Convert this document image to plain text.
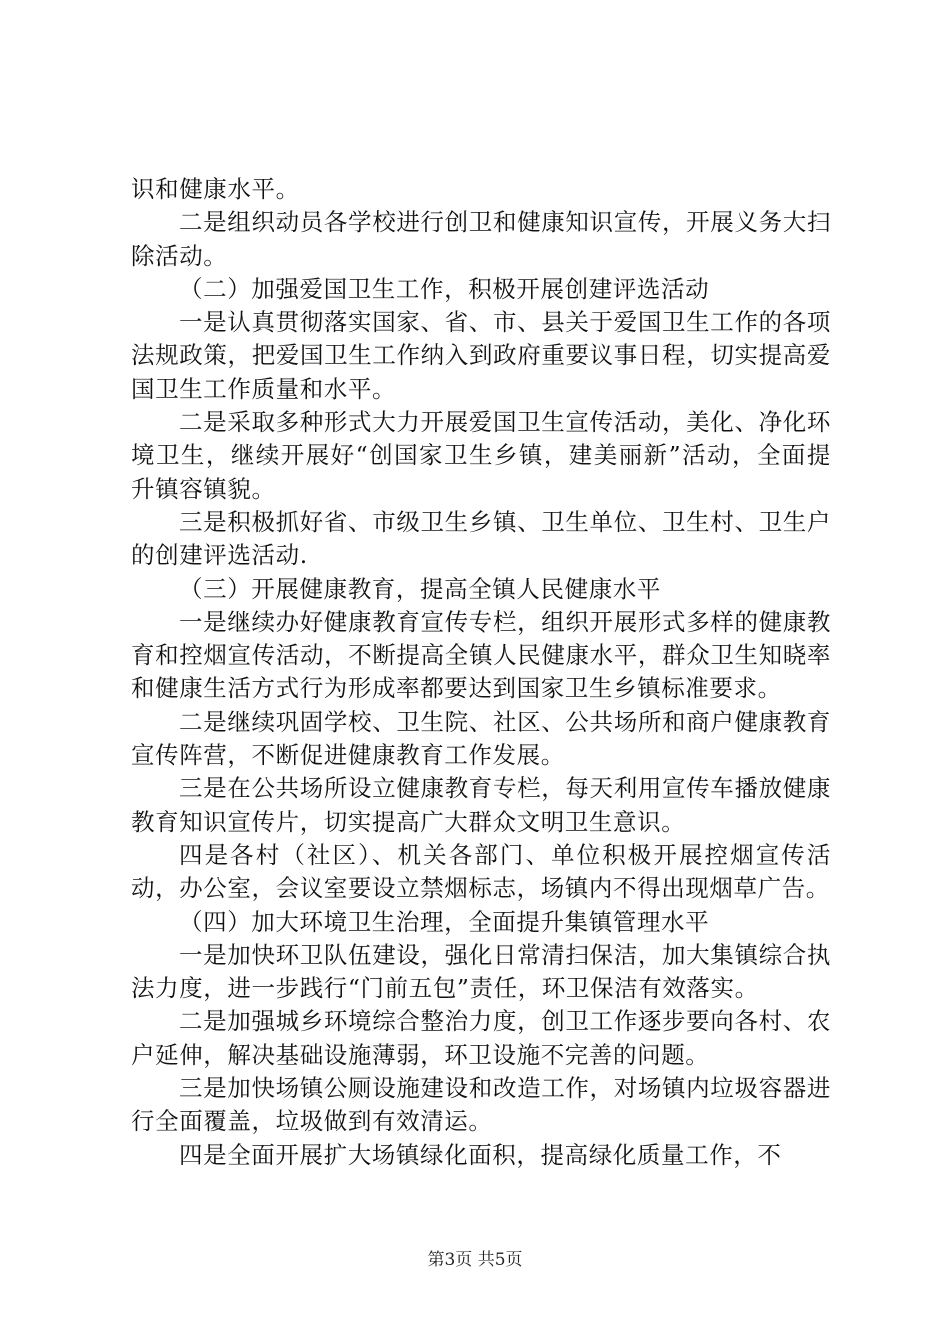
识和健康水平。

二是组织动员各学校进行创卫和健康知识宣传，开展义务大扫除活动。

（二）加强爱国卫生工作，积极开展创建评选活动

一是认真贯彻落实国家、省、市、县关于爱国卫生工作的各项法规政策，把爱国卫生工作纳入到政府重要议事日程，切实提高爱国卫生工作质量和水平。

二是采取多种形式大力开展爱国卫生宣传活动，美化、净化环境卫生，继续开展好“创国家卫生乡镇，建美丽新”活动，全面提升镇容镇貌。

三是积极抓好省、市级卫生乡镇、卫生单位、卫生村、卫生户的创建评选活动.

（三）开展健康教育，提高全镇人民健康水平

一是继续办好健康教育宣传专栏，组织开展形式多样的健康教育和控烟宣传活动，不断提高全镇人民健康水平，群众卫生知晓率和健康生活方式行为形成率都要达到国家卫生乡镇标准要求。

二是继续巩固学校、卫生院、社区、公共场所和商户健康教育宣传阵营，不断促进健康教育工作发展。

三是在公共场所设立健康教育专栏，每天利用宣传车播放健康教育知识宣传片，切实提高广大群众文明卫生意识。

四是各村（社区）、机关各部门、单位积极开展控烟宣传活动，办公室，会议室要设立禁烟标志，场镇内不得出现烟草广告。

（四）加大环境卫生治理，全面提升集镇管理水平

一是加快环卫队伍建设，强化日常清扫保洁，加大集镇综合执法力度，进一步践行“门前五包”责任，环卫保洁有效落实。

二是加强城乡环境综合整治力度，创卫工作逐步要向各村、农户延伸，解决基础设施薄弱，环卫设施不完善的问题。

三是加快场镇公厕设施建设和改造工作，对场镇内垃圾容器进行全面覆盖，垃圾做到有效清运。

四是全面开展扩大场镇绿化面积，提高绿化质量工作，不

第3页 共5页
